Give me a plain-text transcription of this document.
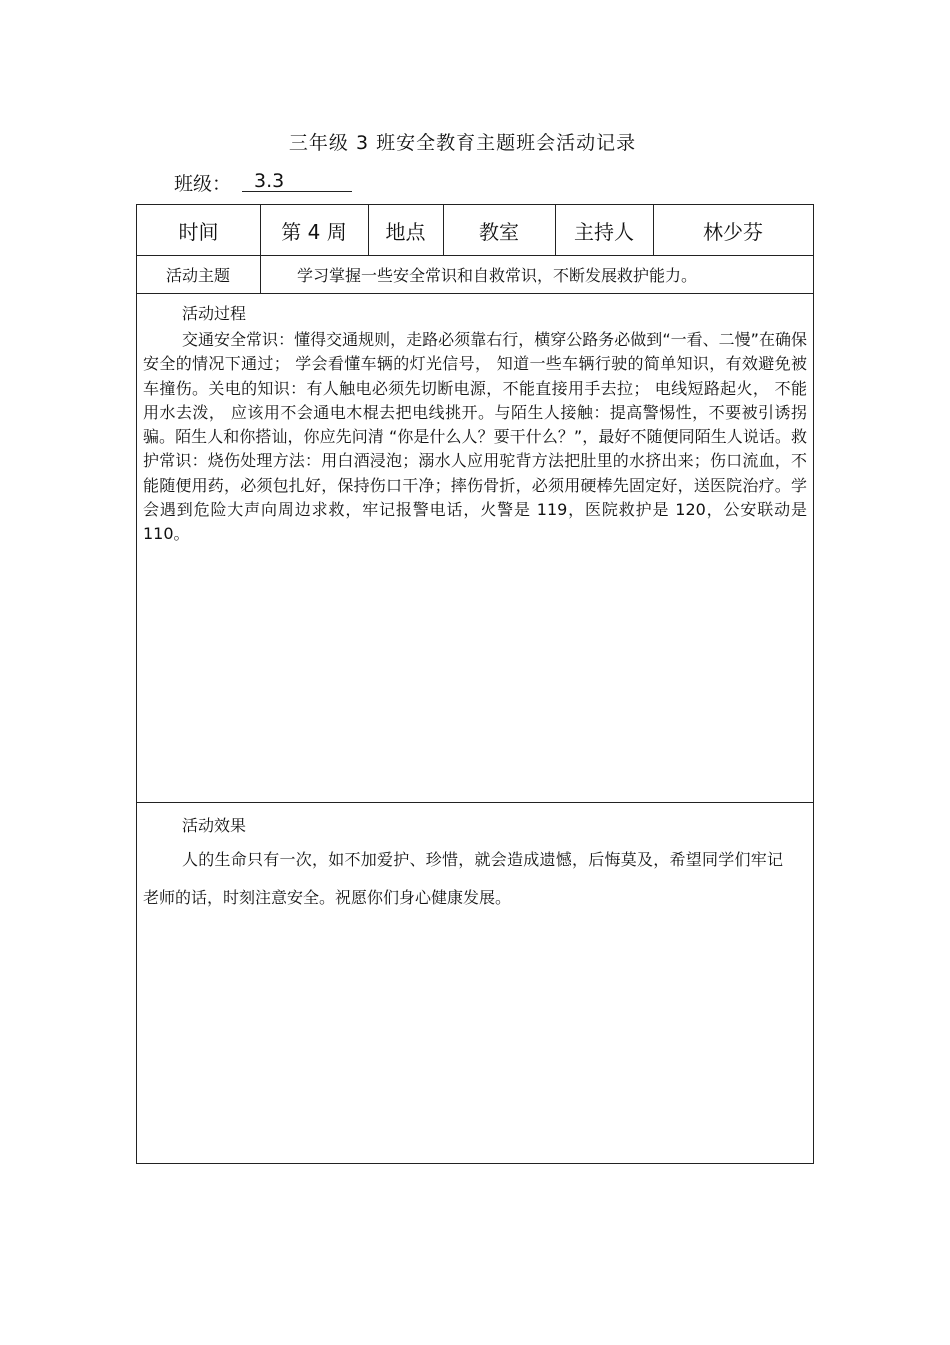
三年级 3 班安全教育主题班会活动记录
班级：	3.3
时间	第 4 周	地点	教室	主持人	林少芬
活动主题	学习掌握一些安全常识和自救常识，不断发展救护能力。
活动过程

交通安全常识：懂得交通规则，走路必须靠右行，横穿公路务必做到“一看、二慢”在确保安全的情况下通过； 学会看懂车辆的灯光信号， 知道一些车辆行驶的简单知识，有效避免被车撞伤。关电的知识：有人触电必须先切断电源，不能直接用手去拉； 电线短路起火， 不能用水去泼， 应该用不会通电木棍去把电线挑开。与陌生人接触：提高警惕性，不要被引诱拐骗。陌生人和你搭讪，你应先问清 “你是什么人？要干什么？”，最好不随便同陌生人说话。救护常识：烧伤处理方法：用白酒浸泡；溺水人应用驼背方法把肚里的水挤出来；伤口流血，不能随便用药，必须包扎好，保持伤口干净；摔伤骨折，必须用硬棒先固定好，送医院治疗。学会遇到危险大声向周边求救，牢记报警电话，火警是 119，医院救护是 120，公安联动是 110。

活动效果

人的生命只有一次，如不加爱护、珍惜，就会造成遗憾，后悔莫及，希望同学们牢记老师的话，时刻注意安全。祝愿你们身心健康发展。
